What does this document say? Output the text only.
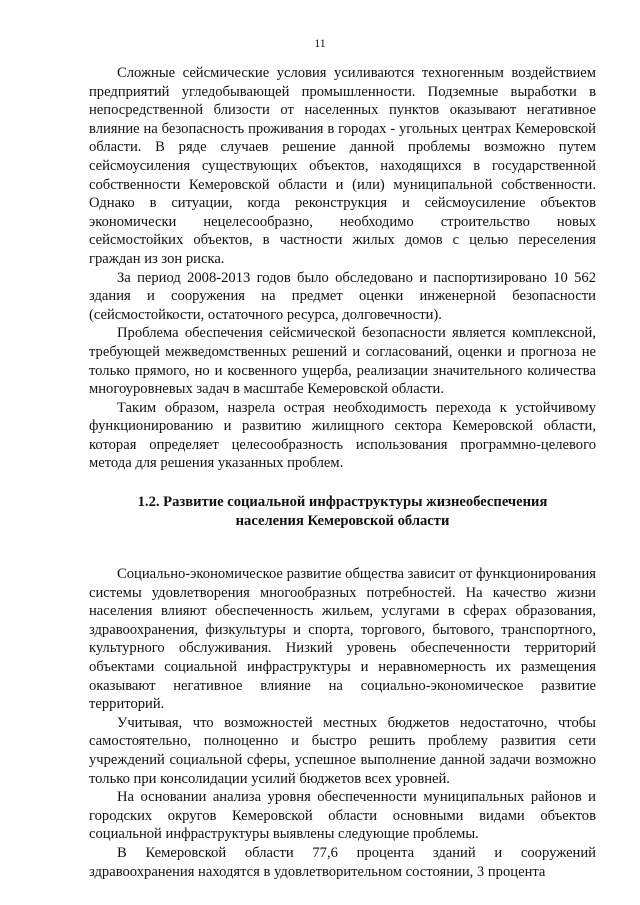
11

Сложные сейсмические условия усиливаются техногенным воздействием предприятий угледобывающей промышленности. Подземные выработки в непосредственной близости от населенных пунктов оказывают негативное влияние на безопасность проживания в городах - угольных центрах Кемеровской области. В ряде случаев решение данной проблемы возможно путем сейсмоусиления существующих объектов, находящихся в государственной собственности Кемеровской области и (или) муниципальной собственности. Однако в ситуации, когда реконструкция и сейсмоусиление объектов экономически нецелесообразно, необходимо строительство новых сейсмостойких объектов, в частности жилых домов с целью переселения граждан из зон риска.

За период 2008-2013 годов было обследовано и паспортизировано 10 562 здания и сооружения на предмет оценки инженерной безопасности (сейсмостойкости, остаточного ресурса, долговечности).

Проблема обеспечения сейсмической безопасности является комплексной, требующей межведомственных решений и согласований, оценки и прогноза не только прямого, но и косвенного ущерба, реализации значительного количества многоуровневых задач в масштабе Кемеровской области.

Таким образом, назрела острая необходимость перехода к устойчивому функционированию и развитию жилищного сектора Кемеровской области, которая определяет целесообразность использования программно-целевого метода для решения указанных проблем.

1.2. Развитие социальной инфраструктуры жизнеобеспечения
населения Кемеровской области

Социально-экономическое развитие общества зависит от функционирования системы удовлетворения многообразных потребностей. На качество жизни населения влияют обеспеченность жильем, услугами в сферах образования, здравоохранения, физкультуры и спорта, торгового, бытового, транспортного, культурного обслуживания. Низкий уровень обеспеченности территорий объектами социальной инфраструктуры и неравномерность их размещения оказывают негативное влияние на социально-экономическое развитие территорий.

Учитывая, что возможностей местных бюджетов недостаточно, чтобы самостоятельно, полноценно и быстро решить проблему развития сети учреждений социальной сферы, успешное выполнение данной задачи возможно только при консолидации усилий бюджетов всех уровней.

На основании анализа уровня обеспеченности муниципальных районов и городских округов Кемеровской области основными видами объектов социальной инфраструктуры выявлены следующие проблемы.

В Кемеровской области 77,6 процента зданий и сооружений здравоохранения находятся в удовлетворительном состоянии, 3 процента
